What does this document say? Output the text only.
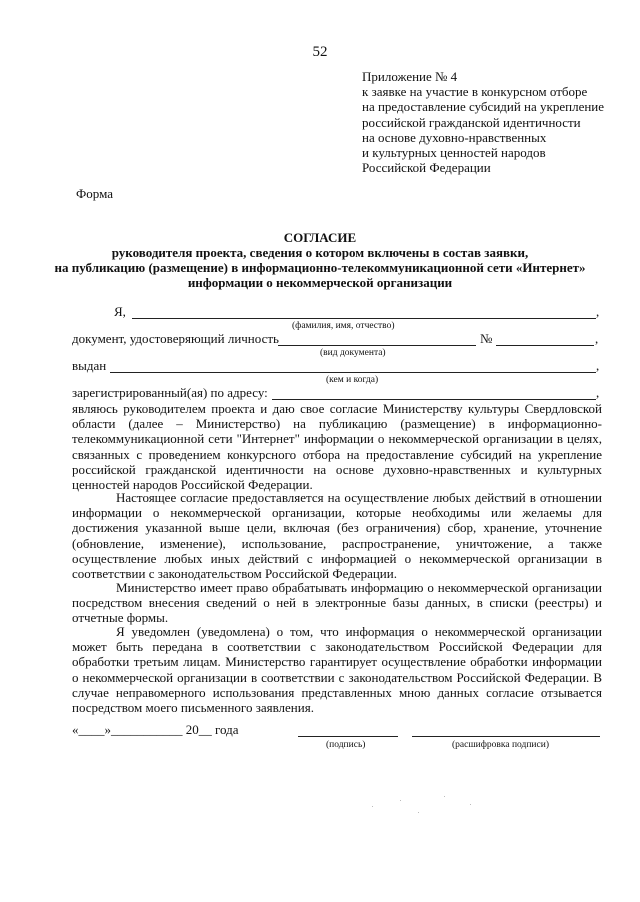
52
Приложение № 4
к заявке на участие в конкурсном отборе
на предоставление субсидий на укрепление
российской гражданской идентичности
на основе духовно-нравственных
и культурных ценностей народов
Российской Федерации
Форма
СОГЛАСИЕ
руководителя проекта, сведения о котором включены в состав заявки,
на публикацию (размещение) в информационно-телекоммуникационной сети «Интернет»
информации о некоммерческой организации
Я,	,
(фамилия, имя, отчество)
документ, удостоверяющий личность	№	,
(вид документа)
выдан	,
(кем и когда)
зарегистрированный(ая) по адресу:	,
являюсь руководителем проекта и даю свое согласие Министерству культуры Свердловской области (далее – Министерство) на публикацию (размещение) в информационно-телекоммуникационной сети "Интернет" информации о некоммерческой организации в целях, связанных с проведением конкурсного отбора на предоставление субсидий на укрепление российской гражданской идентичности на основе духовно-нравственных и культурных ценностей народов Российской Федерации.
Настоящее согласие предоставляется на осуществление любых действий в отношении информации о некоммерческой организации, которые необходимы или желаемы для достижения указанной выше цели, включая (без ограничения) сбор, хранение, уточнение (обновление, изменение), использование, распространение, уничтожение, а также осуществление любых иных действий с информацией о некоммерческой организации в соответствии с законодательством Российской Федерации.
Министерство имеет право обрабатывать информацию о некоммерческой организации посредством внесения сведений о ней в электронные базы данных, в списки (реестры) и отчетные формы.
Я уведомлен (уведомлена) о том, что информация о некоммерческой организации может быть передана в соответствии с законодательством Российской Федерации для обработки третьим лицам. Министерство гарантирует осуществление обработки информации о некоммерческой организации в соответствии с законодательством Российской Федерации. В случае неправомерного использования представленных мною данных согласие отзывается посредством моего письменного заявления.
«____»___________ 20__ года
(подпись)	(расшифровка подписи)
